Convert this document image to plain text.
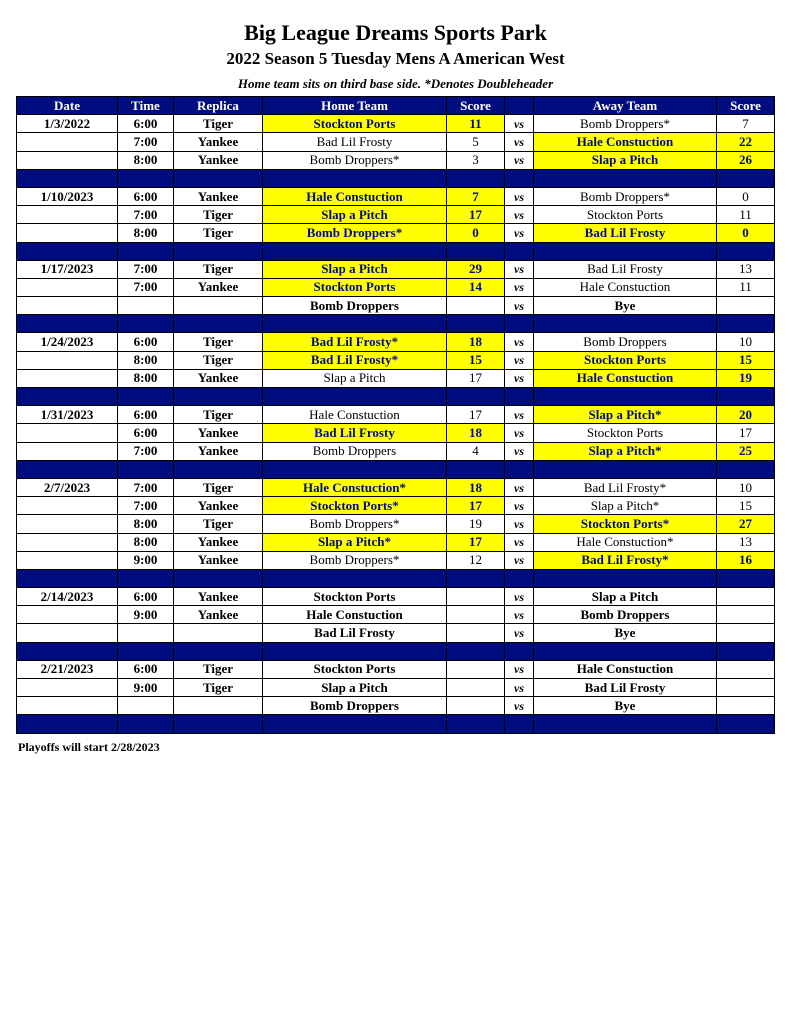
Big League Dreams Sports Park
2022 Season 5 Tuesday Mens A American West
Home team sits on third base side. *Denotes Doubleheader
Date	Time	Replica	Home Team	Score		Away Team	Score
1/3/2022	6:00	Tiger	Stockton Ports	11	vs	Bomb Droppers*	7
	7:00	Yankee	Bad Lil Frosty	5	vs	Hale Constuction	22
	8:00	Yankee	Bomb Droppers*	3	vs	Slap a Pitch	26

1/10/2023	6:00	Yankee	Hale Constuction	7	vs	Bomb Droppers*	0
	7:00	Tiger	Slap a Pitch	17	vs	Stockton Ports	11
	8:00	Tiger	Bomb Droppers*	0	vs	Bad Lil Frosty	0

1/17/2023	7:00	Tiger	Slap a Pitch	29	vs	Bad Lil Frosty	13
	7:00	Yankee	Stockton Ports	14	vs	Hale Constuction	11
			Bomb Droppers		vs	Bye	

1/24/2023	6:00	Tiger	Bad Lil Frosty*	18	vs	Bomb Droppers	10
	8:00	Tiger	Bad Lil Frosty*	15	vs	Stockton Ports	15
	8:00	Yankee	Slap a Pitch	17	vs	Hale Constuction	19

1/31/2023	6:00	Tiger	Hale Constuction	17	vs	Slap a Pitch*	20
	6:00	Yankee	Bad Lil Frosty	18	vs	Stockton Ports	17
	7:00	Yankee	Bomb Droppers	4	vs	Slap a Pitch*	25

2/7/2023	7:00	Tiger	Hale Constuction*	18	vs	Bad Lil Frosty*	10
	7:00	Yankee	Stockton Ports*	17	vs	Slap a Pitch*	15
	8:00	Tiger	Bomb Droppers*	19	vs	Stockton Ports*	27
	8:00	Yankee	Slap a Pitch*	17	vs	Hale Constuction*	13
	9:00	Yankee	Bomb Droppers*	12	vs	Bad Lil Frosty*	16

2/14/2023	6:00	Yankee	Stockton Ports		vs	Slap a Pitch	
	9:00	Yankee	Hale Constuction		vs	Bomb Droppers	
			Bad Lil Frosty		vs	Bye	

2/21/2023	6:00	Tiger	Stockton Ports		vs	Hale Constuction	
	9:00	Tiger	Slap a Pitch		vs	Bad Lil Frosty	
			Bomb Droppers		vs	Bye	

Playoffs will start 2/28/2023
